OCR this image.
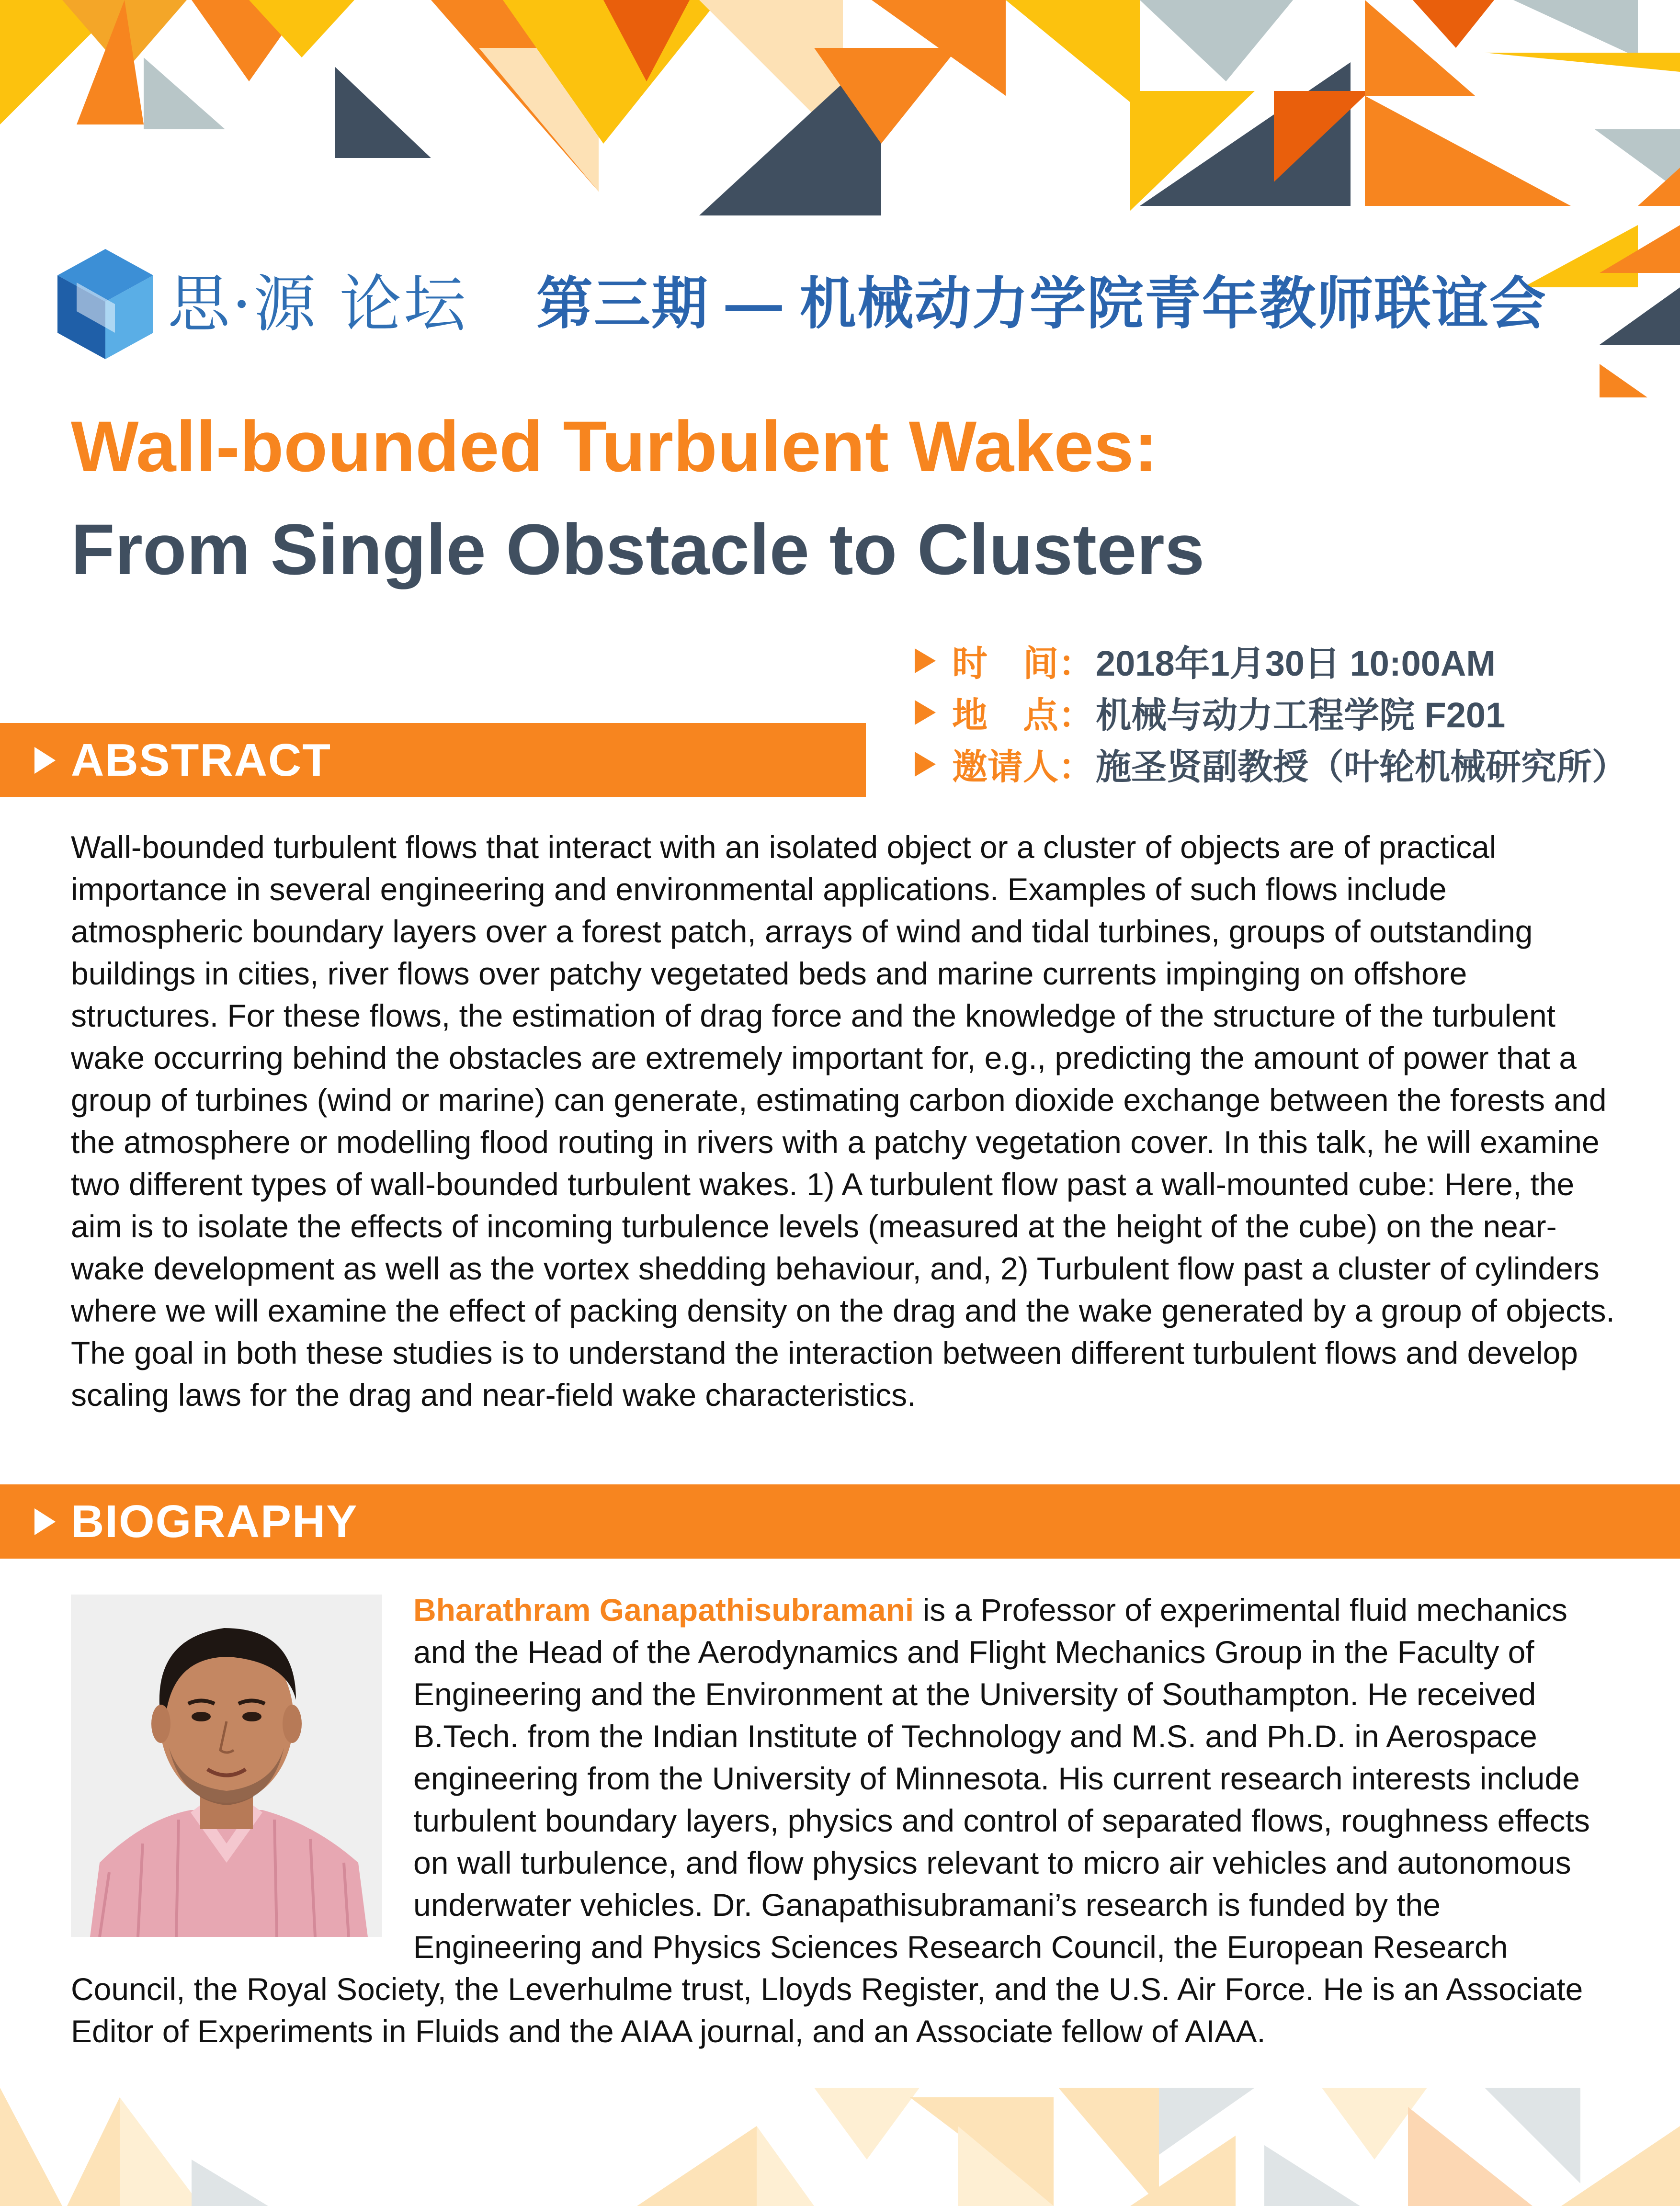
思·源 论坛 第三期 — 机械动力学院青年教师联谊会
Wall-bounded Turbulent Wakes:
From Single Obstacle to Clusters
时　间： 2018年1月30日 10:00AM
地　点： 机械与动力工程学院 F201
邀请人： 施圣贤副教授（叶轮机械研究所）
ABSTRACT
Wall-bounded turbulent flows that interact with an isolated object or a cluster of objects are of practical importance in several engineering and environmental applications. Examples of such flows include atmospheric boundary layers over a forest patch, arrays of wind and tidal turbines, groups of outstanding buildings in cities, river flows over patchy vegetated beds and marine currents impinging on offshore structures. For these flows, the estimation of drag force and the knowledge of the structure of the turbulent wake occurring behind the obstacles are extremely important for, e.g., predicting the amount of power that a group of turbines (wind or marine) can generate, estimating carbon dioxide exchange between the forests and the atmosphere or modelling flood routing in rivers with a patchy vegetation cover. In this talk, he will examine two different types of wall-bounded turbulent wakes. 1) A turbulent flow past a wall-mounted cube: Here, the aim is to isolate the effects of incoming turbulence levels (measured at the height of the cube) on the near-wake development as well as the vortex shedding behaviour, and, 2) Turbulent flow past a cluster of cylinders where we will examine the effect of packing density on the drag and the wake generated by a group of objects. The goal in both these studies is to understand the interaction between different turbulent flows and develop scaling laws for the drag and near-field wake characteristics.
BIOGRAPHY
Bharathram Ganapathisubramani is a Professor of experimental fluid mechanics and the Head of the Aerodynamics and Flight Mechanics Group in the Faculty of Engineering and the Environment at the University of Southampton. He received B.Tech. from the Indian Institute of Technology and M.S. and Ph.D. in Aerospace engineering from the University of Minnesota. His current research interests include turbulent boundary layers, physics and control of separated flows, roughness effects on wall turbulence, and flow physics relevant to micro air vehicles and autonomous underwater vehicles. Dr. Ganapathisubramani’s research is funded by the Engineering and Physics Sciences Research Council, the European Research Council, the Royal Society, the Leverhulme trust, Lloyds Register, and the U.S. Air Force. He is an Associate Editor of Experiments in Fluids and the AIAA journal, and an Associate fellow of AIAA.
